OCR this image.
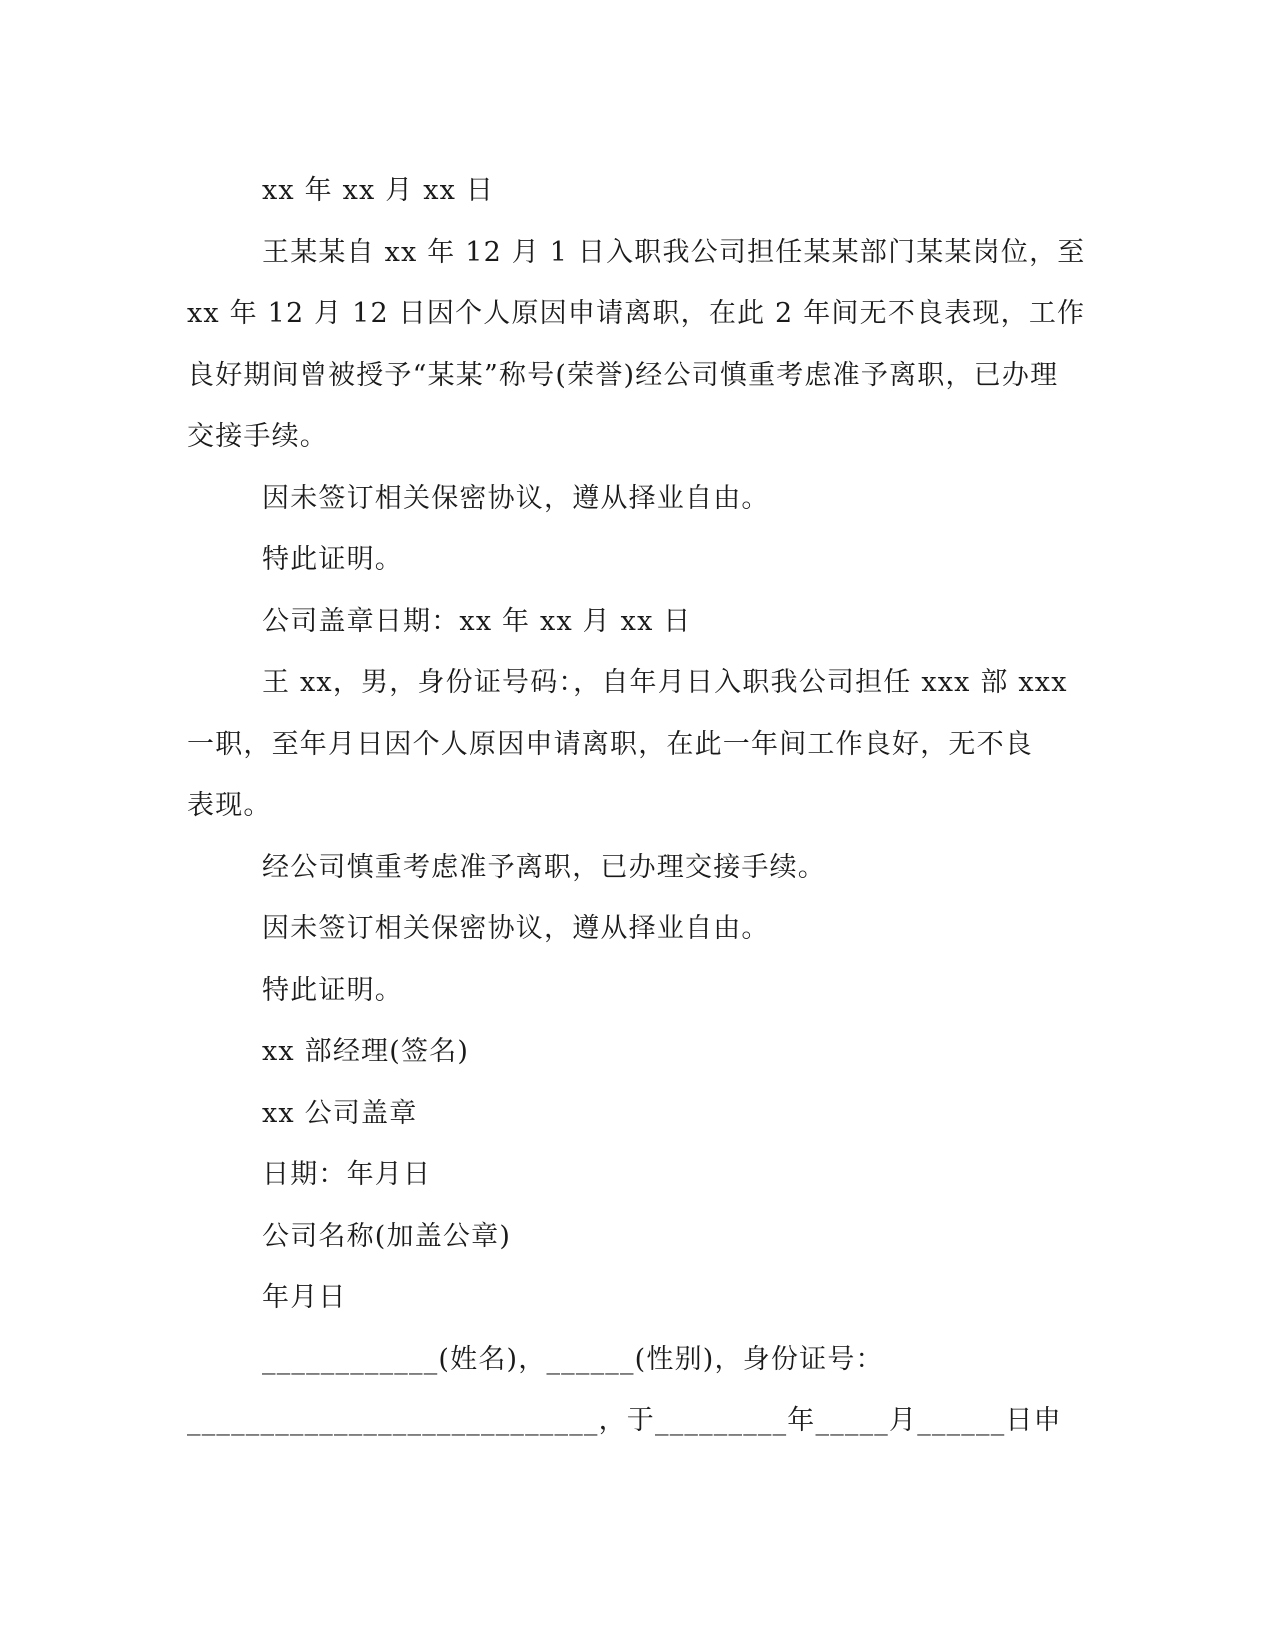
xx 年 xx 月 xx 日

王某某自 xx 年 12 月 1 日入职我公司担任某某部门某某岗位，至

xx 年 12 月 12 日因个人原因申请离职，在此 2 年间无不良表现，工作

良好期间曾被授予“某某”称号(荣誉)经公司慎重考虑准予离职，已办理

交接手续。

因未签订相关保密协议，遵从择业自由。

特此证明。

公司盖章日期：xx 年 xx 月 xx 日

王 xx，男，身份证号码：，自年月日入职我公司担任 xxx 部 xxx

一职，至年月日因个人原因申请离职，在此一年间工作良好，无不良

表现。

经公司慎重考虑准予离职，已办理交接手续。

因未签订相关保密协议，遵从择业自由。

特此证明。

xx 部经理(签名)

xx 公司盖章

日期：年月日

公司名称(加盖公章)

年月日

____________(姓名)，______(性别)，身份证号：

____________________________，于_________年_____月______日申
